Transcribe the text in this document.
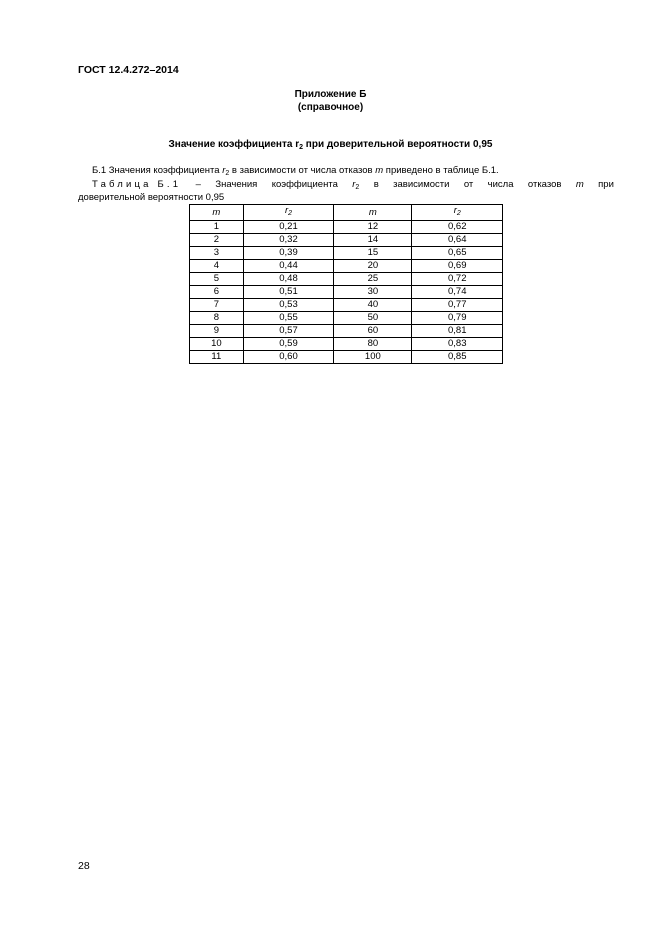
ГОСТ 12.4.272–2014
Приложение Б
(справочное)
Значение коэффициента $r_2$ при доверительной вероятности 0,95
Б.1 Значения коэффициента $r_2$ в зависимости от числа отказов m приведено в таблице Б.1.
Таблица Б.1 – Значения коэффициента $r_2$ в зависимости от числа отказов m при
доверительной вероятности 0,95
m	$r_2$	m	$r_2$
1	0,21	12	0,62
2	0,32	14	0,64
3	0,39	15	0,65
4	0,44	20	0,69
5	0,48	25	0,72
6	0,51	30	0,74
7	0,53	40	0,77
8	0,55	50	0,79
9	0,57	60	0,81
10	0,59	80	0,83
11	0,60	100	0,85
28
